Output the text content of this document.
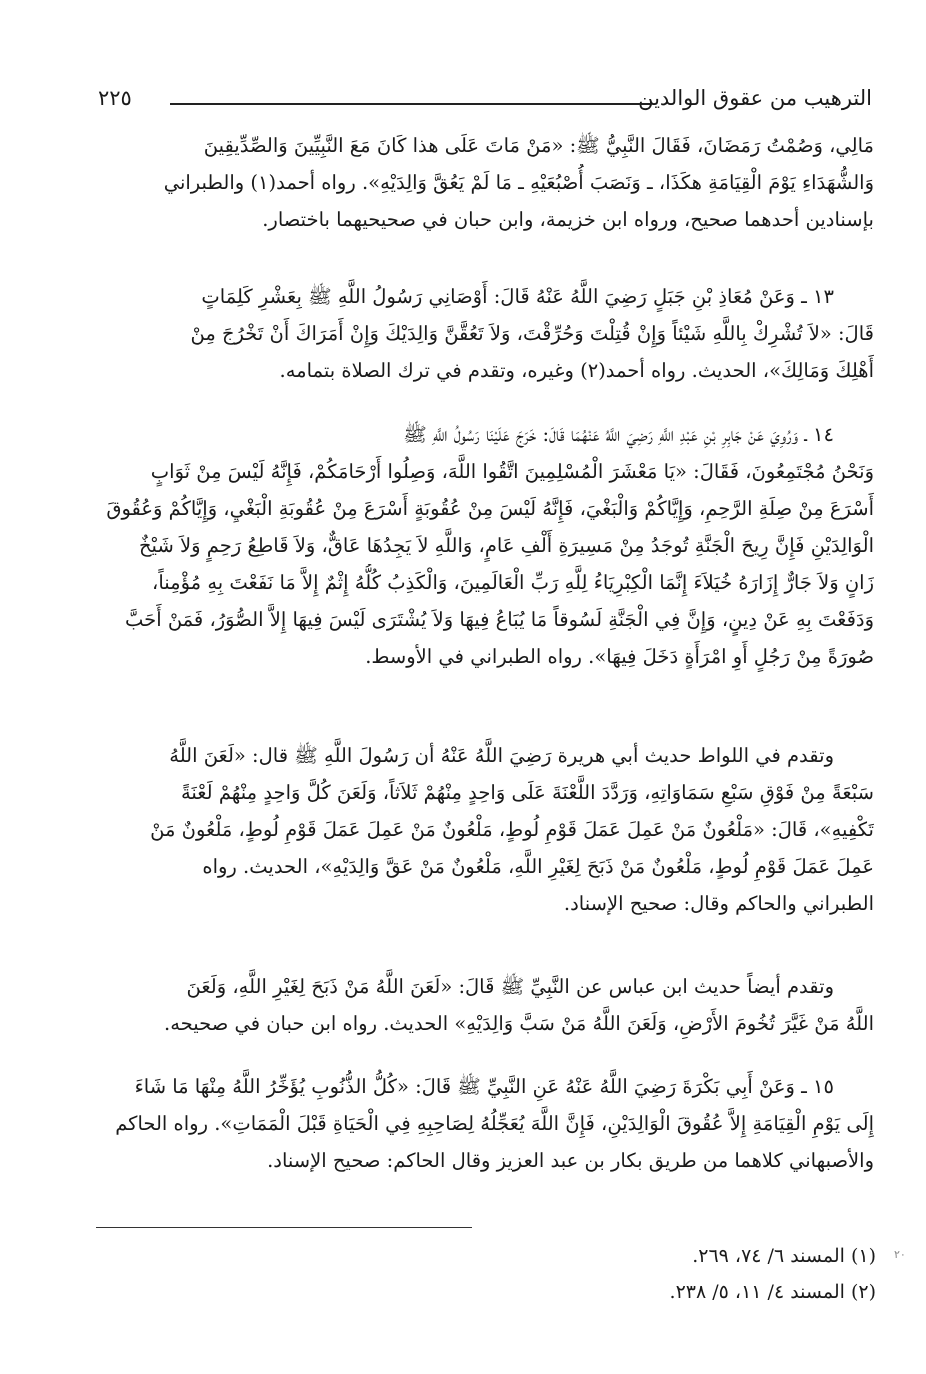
الترهيب من عقوق الوالدين
٢٢٥

مَالِي، وَصُمْتُ رَمَضَانَ، فَقَالَ النَّبِيُّ ﷺ: «مَنْ مَاتَ عَلَى هذا كَانَ مَعَ النَّبِيِّينَ وَالصِّدِّيقِينَ

وَالشُّهَدَاءِ يَوْمَ الْقِيَامَةِ هكَذَا، ـ وَنَصَبَ أُصْبُعَيْهِ ـ مَا لَمْ يَعُقَّ وَالِدَيْهِ». رواه أحمد(١) والطبراني

بإسنادين أحدهما صحيح، ورواه ابن خزيمة، وابن حبان في صحيحيهما باختصار.

١٣ ـ وَعَنْ مُعَاذِ بْنِ جَبَلٍ رَضِيَ اللَّهُ عَنْهُ قَالَ: أَوْصَانِي رَسُولُ اللَّهِ ﷺ بِعَشْرِ كَلِمَاتٍ

قَالَ: «لاَ تُشْرِكْ بِاللَّهِ شَيْئاً وَإِنْ قُتِلْتَ وَحُرِّقْتَ، وَلاَ تَعُقَّنَّ وَالِدَيْكَ وَإِنْ أَمَرَاكَ أَنْ تَخْرُجَ مِنْ

أَهْلِكَ وَمَالِكَ»، الحديث. رواه أحمد(٢) وغيره، وتقدم في ترك الصلاة بتمامه.

١٤ ـ وَرُوِيَ عَنْ جَابِرِ بْنِ عَبْدِ اللَّهِ رَضِيَ اللَّهُ عَنْهُمَا قَالَ: خَرَجَ عَلَيْنَا رَسُولُ اللَّهِ ﷺ

وَنَحْنُ مُجْتَمِعُونَ، فَقَالَ: «يَا مَعْشَرَ الْمُسْلِمِينَ اتَّقُوا اللَّهَ، وَصِلُوا أَرْحَامَكُمْ، فَإِنَّهُ لَيْسَ مِنْ ثَوَابٍ

أَسْرَعَ مِنْ صِلَةِ الرَّحِمِ، وَإِيَّاكُمْ وَالْبَغْيَ، فَإِنَّهُ لَيْسَ مِنْ عُقُوبَةٍ أَسْرَعَ مِنْ عُقُوبَةِ الْبَغْيِ، وَإِيَّاكُمْ وَعُقُوقَ

الْوَالِدَيْنِ فَإِنَّ رِيحَ الْجَنَّةِ تُوجَدُ مِنْ مَسِيرَةِ أَلْفِ عَامٍ، وَاللَّهِ لاَ يَجِدُهَا عَاقٌّ، وَلاَ قَاطِعُ رَحِمٍ وَلاَ شَيْخٌ

زَانٍ وَلاَ جَارٌّ إِزَارَهُ خُيَلاَءَ إِنَّمَا الْكِبْرِيَاءُ لِلَّهِ رَبِّ الْعَالَمِينَ، وَالْكَذِبُ كُلُّهُ إِثْمٌ إِلاَّ مَا نَفَعْتَ بِهِ مُؤْمِناً،

وَدَفَعْتَ بِهِ عَنْ دِينٍ، وَإِنَّ فِي الْجَنَّةِ لَسُوقاً مَا يُبَاعُ فِيهَا وَلاَ يُشْتَرَى لَيْسَ فِيهَا إِلاَّ الصُّوَرُ، فَمَنْ أَحَبَّ

صُورَةً مِنْ رَجُلٍ أَوِ امْرَأَةٍ دَخَلَ فِيهَا». رواه الطبراني في الأوسط.

وتقدم في اللواط حديث أبي هريرة رَضِيَ اللَّهُ عَنْهُ أن رَسُولَ اللَّهِ ﷺ قال: «لَعَنَ اللَّهُ

سَبْعَةً مِنْ فَوْقِ سَبْعِ سَمَاوَاتِهِ، وَرَدَّدَ اللَّعْنَةَ عَلَى وَاحِدٍ مِنْهُمْ ثَلاَثاً، وَلَعَنَ كُلَّ وَاحِدٍ مِنْهُمْ لَعْنَةً

تَكْفِيهِ»، قَالَ: «مَلْعُونٌ مَنْ عَمِلَ عَمَلَ قَوْمِ لُوطٍ، مَلْعُونٌ مَنْ عَمِلَ عَمَلَ قَوْمِ لُوطٍ، مَلْعُونٌ مَنْ

عَمِلَ عَمَلَ قَوْمِ لُوطٍ، مَلْعُونٌ مَنْ ذَبَحَ لِغَيْرِ اللَّهِ، مَلْعُونٌ مَنْ عَقَّ وَالِدَيْهِ»، الحديث. رواه

الطبراني والحاكم وقال: صحيح الإسناد.

وتقدم أيضاً حديث ابن عباس عن النَّبِيِّ ﷺ قَالَ: «لَعَنَ اللَّهُ مَنْ ذَبَحَ لِغَيْرِ اللَّهِ، وَلَعَنَ

اللَّهُ مَنْ غَيَّرَ تُخُومَ الأَرْضِ، وَلَعَنَ اللَّهُ مَنْ سَبَّ وَالِدَيْهِ» الحديث. رواه ابن حبان في صحيحه.

١٥ ـ وَعَنْ أَبِي بَكْرَةَ رَضِيَ اللَّهُ عَنْهُ عَنِ النَّبِيِّ ﷺ قَالَ: «كُلُّ الذُّنُوبِ يُؤَخِّرُ اللَّهُ مِنْهَا مَا شَاءَ

إِلَى يَوْمِ الْقِيَامَةِ إِلاَّ عُقُوقَ الْوَالِدَيْنِ، فَإِنَّ اللَّهَ يُعَجِّلُهُ لِصَاحِبِهِ فِي الْحَيَاةِ قَبْلَ الْمَمَاتِ». رواه الحاكم

والأصبهاني كلاهما من طريق بكار بن عبد العزيز وقال الحاكم: صحيح الإسناد.

(١) المسند ٦/ ٧٤، ٢٦٩.

(٢) المسند ٤/ ١١، ٥/ ٢٣٨.

٢٠
